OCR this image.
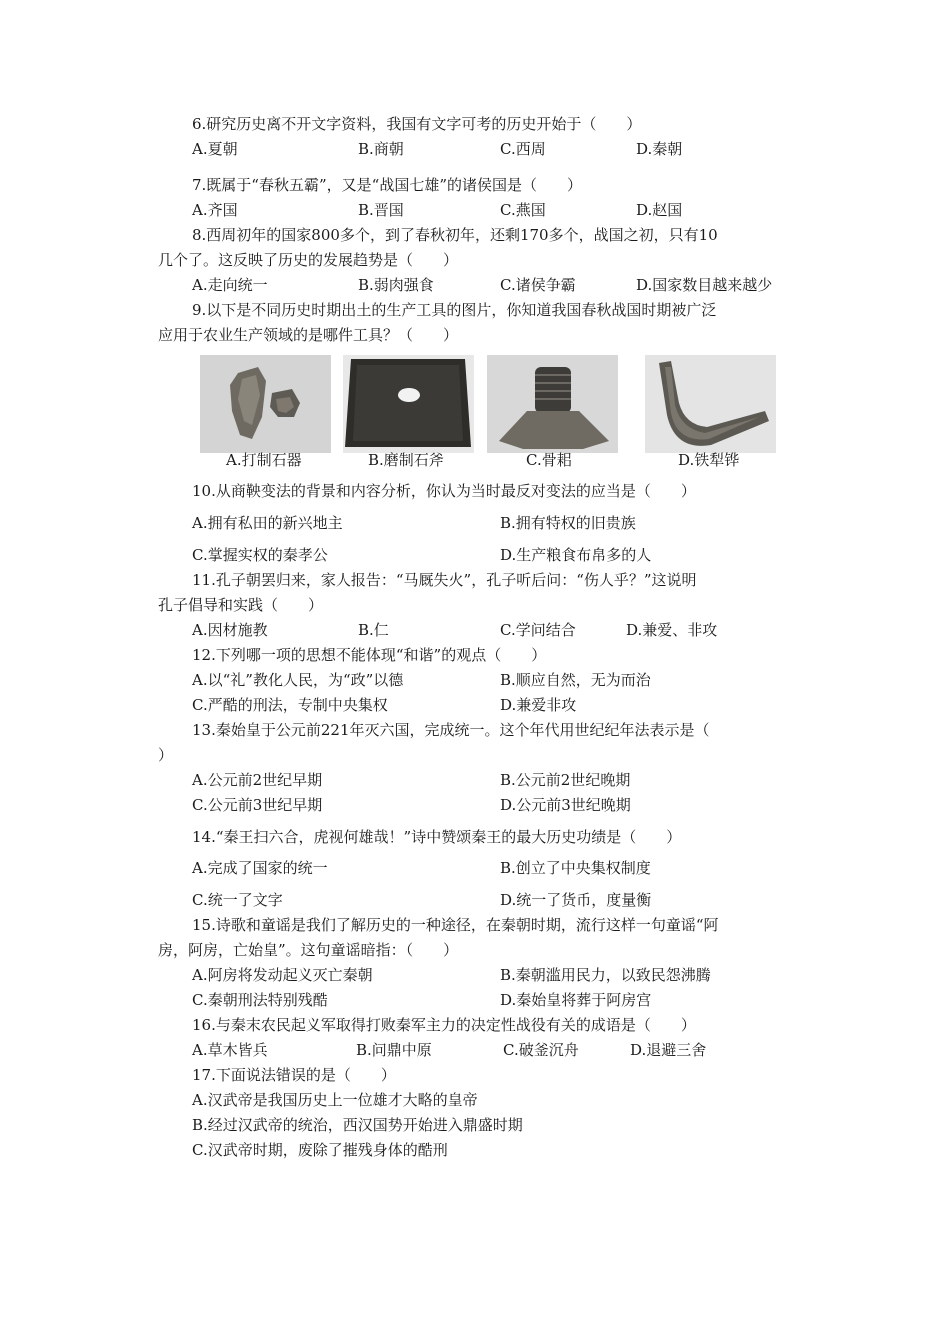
6.研究历史离不开文字资料，我国有文字可考的历史开始于（　　）
A.夏朝	B.商朝	C.西周	D.秦朝
7.既属于“春秋五霸”，又是“战国七雄”的诸侯国是（　　）
A.齐国	B.晋国	C.燕国	D.赵国
8.西周初年的国家800多个，到了春秋初年，还剩170多个，战国之初，只有10
几个了。这反映了历史的发展趋势是（　　）
A.走向统一	B.弱肉强食	C.诸侯争霸	D.国家数目越来越少
9.以下是不同历史时期出土的生产工具的图片，你知道我国春秋战国时期被广泛
应用于农业生产领域的是哪件工具？（　　）
A.打制石器	B.磨制石斧	C.骨耜	D.铁犁铧
10.从商鞅变法的背景和内容分析，你认为当时最反对变法的应当是（　　）
A.拥有私田的新兴地主	B.拥有特权的旧贵族
C.掌握实权的秦孝公	D.生产粮食布帛多的人
11.孔子朝罢归来，家人报告：“马厩失火”，孔子听后问：“伤人乎？”这说明
孔子倡导和实践（　　）
A.因材施教	B.仁	C.学问结合	D.兼爱、非攻
12.下列哪一项的思想不能体现“和谐”的观点（　　）
A.以“礼”教化人民，为“政”以德	B.顺应自然，无为而治
C.严酷的刑法，专制中央集权	D.兼爱非攻
13.秦始皇于公元前221年灭六国，完成统一。这个年代用世纪纪年法表示是（
）
A.公元前2世纪早期	B.公元前2世纪晚期
C.公元前3世纪早期	D.公元前3世纪晚期
14.“秦王扫六合，虎视何雄哉！”诗中赞颂秦王的最大历史功绩是（　　）
A.完成了国家的统一	B.创立了中央集权制度
C.统一了文字	D.统一了货币，度量衡
15.诗歌和童谣是我们了解历史的一种途径，在秦朝时期，流行这样一句童谣“阿
房，阿房，亡始皇”。这句童谣暗指：（　　）
A.阿房将发动起义灭亡秦朝	B.秦朝滥用民力，以致民怨沸腾
C.秦朝刑法特别残酷	D.秦始皇将葬于阿房宫
16.与秦末农民起义军取得打败秦军主力的决定性战役有关的成语是（　　）
A.草木皆兵	B.问鼎中原	C.破釜沉舟	D.退避三舍
17.下面说法错误的是（　　）
A.汉武帝是我国历史上一位雄才大略的皇帝
B.经过汉武帝的统治，西汉国势开始进入鼎盛时期
C.汉武帝时期，废除了摧残身体的酷刑
